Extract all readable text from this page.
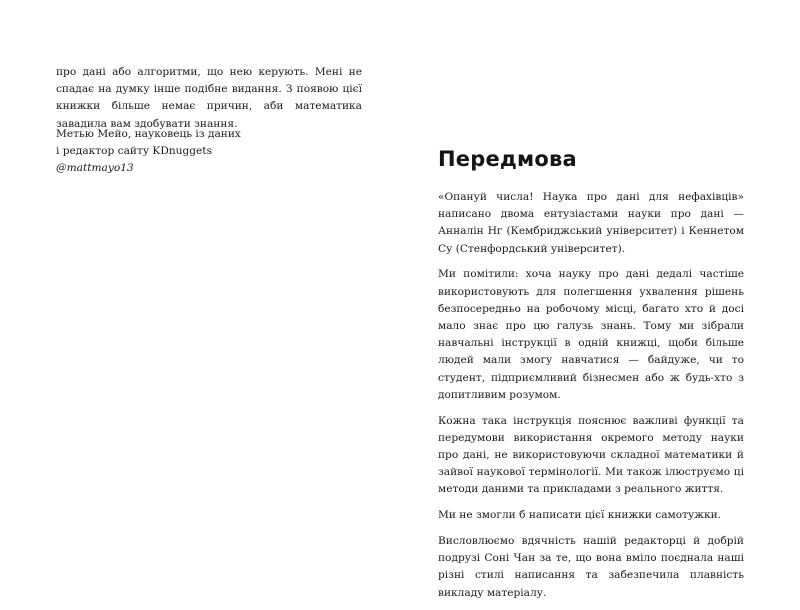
про дані або алгоритми, що нею керують. Мені не спадає на думку інше подібне видання. З появою цієї книжки більше немає причин, аби математика завадила вам здобувати знання.

Метью Мейо, науковець із даних
і редактор сайту KDnuggets
@mattmayo13	Передмова

«Опануй числа! Наука про дані для нефахівців» написано двома ентузіастами науки про дані — Анналін Нг (Кембриджський університет) і Кеннетом Су (Стенфордський університет).

Ми помітили: хоча науку про дані дедалі частіше використовують для полегшення ухвалення рішень безпосередньо на робочому місці, багато хто й досі мало знає про цю галузь знань. Тому ми зібрали навчальні інструкції в одній книжці, щоби більше людей мали змогу навчатися — байдуже, чи то студент, підприємливий бізнесмен або ж будь-хто з допитливим розумом.

Кожна така інструкція пояснює важливі функції та передумови використання окремого методу науки про дані, не використовуючи складної математики й зайвої наукової термінології. Ми також ілюструємо ці методи даними та прикладами з реального життя.

Ми не змогли б написати цієї книжки самотужки.

Висловлюємо вдячність нашій редакторці й добрій подрузі Соні Чан за те, що вона вміло поєднала наші різні стилі написання та забезпечила плавність викладу матеріалу.
